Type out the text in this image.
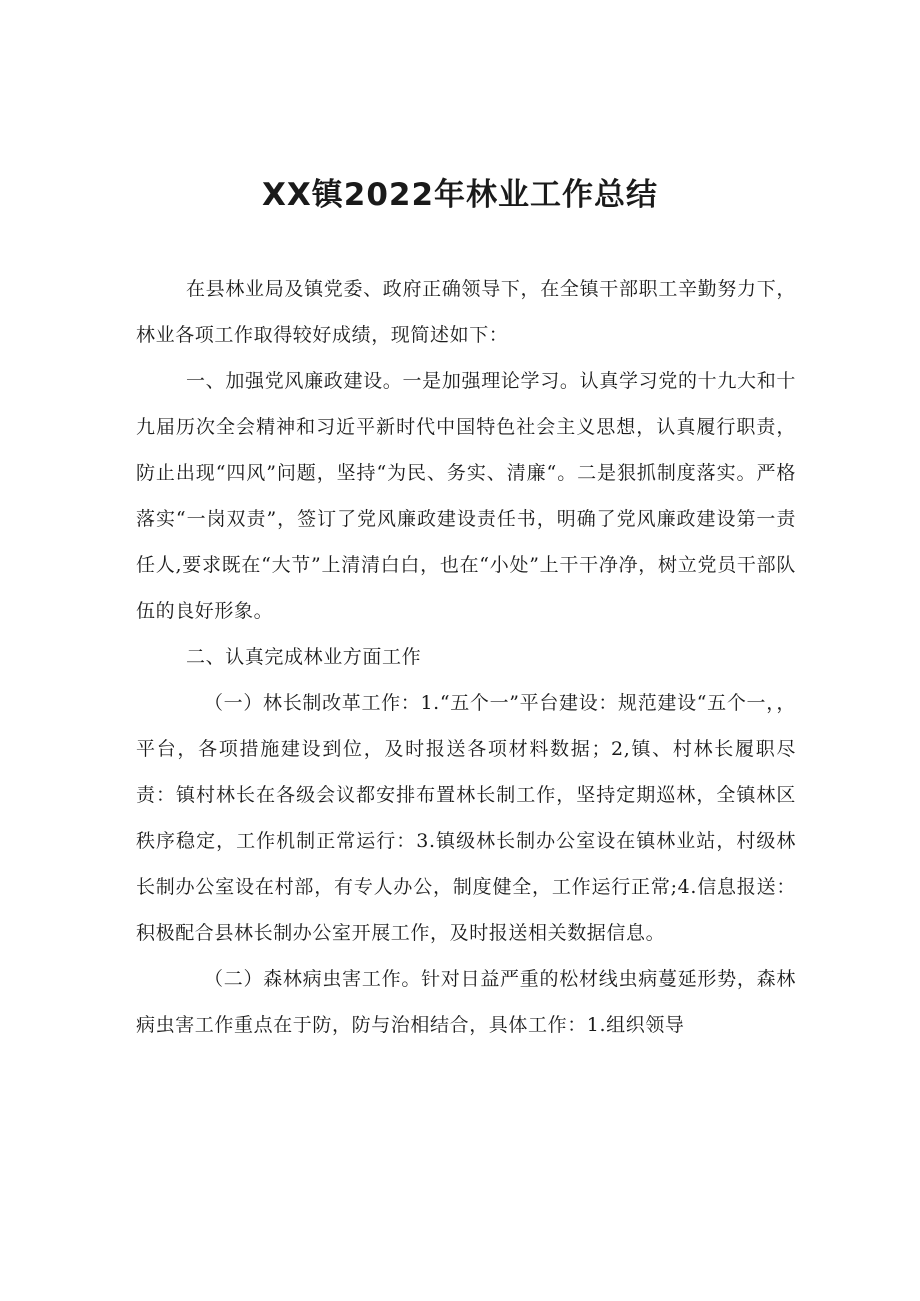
XX镇2022年林业工作总结

在县林业局及镇党委、政府正确领导下，在全镇干部职工辛勤努力下，林业各项工作取得较好成绩，现简述如下：

一、加强党风廉政建设。一是加强理论学习。认真学习党的十九大和十九届历次全会精神和习近平新时代中国特色社会主义思想，认真履行职责，防止出现“四风”问题，坚持“为民、务实、清廉“。二是狠抓制度落实。严格落实“一岗双责”，签订了党风廉政建设责任书，明确了党风廉政建设第一责任人,要求既在“大节”上清清白白，也在“小处”上干干净净，树立党员干部队伍的良好形象。

二、认真完成林业方面工作

（一）林长制改革工作：1.“五个一”平台建设：规范建设“五个一，，平台，各项措施建设到位，及时报送各项材料数据；2,镇、村林长履职尽责：镇村林长在各级会议都安排布置林长制工作，坚持定期巡林，全镇林区秩序稳定，工作机制正常运行：3.镇级林长制办公室设在镇林业站，村级林长制办公室设在村部，有专人办公，制度健全，工作运行正常;4.信息报送：积极配合县林长制办公室开展工作，及时报送相关数据信息。

（二）森林病虫害工作。针对日益严重的松材线虫病蔓延形势，森林病虫害工作重点在于防，防与治相结合，具体工作：1.组织领导
